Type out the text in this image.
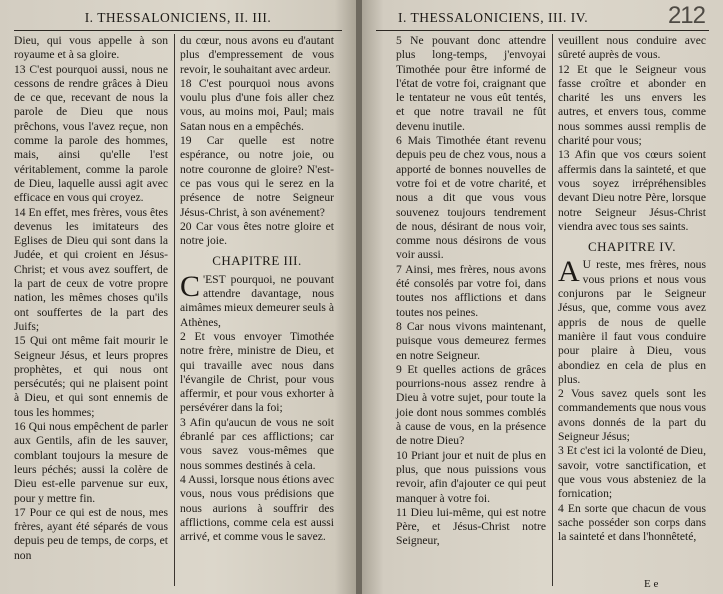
I. THESSALONICIENS, II. III.

Dieu, qui vous appelle à son royaume et à sa gloire.

13 C'est pourquoi aussi, nous ne cessons de rendre grâces à Dieu de ce que, recevant de nous la parole de Dieu que nous prêchons, vous l'avez reçue, non comme la parole des hommes, mais, ainsi qu'elle l'est véritablement, comme la parole de Dieu, laquelle aussi agit avec efficace en vous qui croyez.

14 En effet, mes frères, vous êtes devenus les imitateurs des Eglises de Dieu qui sont dans la Judée, et qui croient en Jésus-Christ; et vous avez souffert, de la part de ceux de votre propre nation, les mêmes choses qu'ils ont souffertes de la part des Juifs;

15 Qui ont même fait mourir le Seigneur Jésus, et leurs propres prophètes, et qui nous ont persécutés; qui ne plaisent point à Dieu, et qui sont ennemis de tous les hommes;

16 Qui nous empêchent de parler aux Gentils, afin de les sauver, comblant toujours la mesure de leurs péchés; aussi la colère de Dieu est-elle parvenue sur eux, pour y mettre fin.

17 Pour ce qui est de nous, mes frères, ayant été séparés de vous depuis peu de temps, de corps, et non

du cœur, nous avons eu d'autant plus d'empressement de vous revoir, le souhaitant avec ardeur.

18 C'est pourquoi nous avons voulu plus d'une fois aller chez vous, au moins moi, Paul; mais Satan nous en a empêchés.

19 Car quelle est notre espérance, ou notre joie, ou notre couronne de gloire? N'est-ce pas vous qui le serez en la présence de notre Seigneur Jésus-Christ, à son avénement?

20 Car vous êtes notre gloire et notre joie.

CHAPITRE III.

C 'EST pourquoi, ne pouvant attendre davantage, nous aimâmes mieux demeurer seuls à Athènes,

2 Et vous envoyer Timothée notre frère, ministre de Dieu, et qui travaille avec nous dans l'évangile de Christ, pour vous affermir, et pour vous exhorter à persévérer dans la foi;

3 Afin qu'aucun de vous ne soit ébranlé par ces afflictions; car vous savez vous-mêmes que nous sommes destinés à cela.

4 Aussi, lorsque nous étions avec vous, nous vous prédisions que nous aurions à souffrir des afflictions, comme cela est aussi arrivé, et comme vous le savez.

I. THESSALONICIENS, III. IV.	212

5 Ne pouvant donc attendre plus long-temps, j'envoyai Timothée pour être informé de l'état de votre foi, craignant que le tentateur ne vous eût tentés, et que notre travail ne fût devenu inutile.

6 Mais Timothée étant revenu depuis peu de chez vous, nous a apporté de bonnes nouvelles de votre foi et de votre charité, et nous a dit que vous vous souvenez toujours tendrement de nous, désirant de nous voir, comme nous désirons de vous voir aussi.

7 Ainsi, mes frères, nous avons été consolés par votre foi, dans toutes nos afflictions et dans toutes nos peines.

8 Car nous vivons maintenant, puisque vous demeurez fermes en notre Seigneur.

9 Et quelles actions de grâces pourrions-nous assez rendre à Dieu à votre sujet, pour toute la joie dont nous sommes comblés à cause de vous, en la présence de notre Dieu?

10 Priant jour et nuit de plus en plus, que nous puissions vous revoir, afin d'ajouter ce qui peut manquer à votre foi.

11 Dieu lui-même, qui est notre Père, et Jésus-Christ notre Seigneur,

veuillent nous conduire avec sûreté auprès de vous.

12 Et que le Seigneur vous fasse croître et abonder en charité les uns envers les autres, et envers tous, comme nous sommes aussi remplis de charité pour vous;

13 Afin que vos cœurs soient affermis dans la sainteté, et que vous soyez irrépréhensibles devant Dieu notre Père, lorsque notre Seigneur Jésus-Christ viendra avec tous ses saints.

CHAPITRE IV.

A U reste, mes frères, nous vous prions et nous vous conjurons par le Seigneur Jésus, que, comme vous avez appris de nous de quelle manière il faut vous conduire pour plaire à Dieu, vous abondiez en cela de plus en plus.

2 Vous savez quels sont les commandements que nous vous avons donnés de la part du Seigneur Jésus;

3 Et c'est ici la volonté de Dieu, savoir, votre sanctification, et que vous vous absteniez de la fornication;

4 En sorte que chacun de vous sache posséder son corps dans la sainteté et dans l'honnêteté,

E e
